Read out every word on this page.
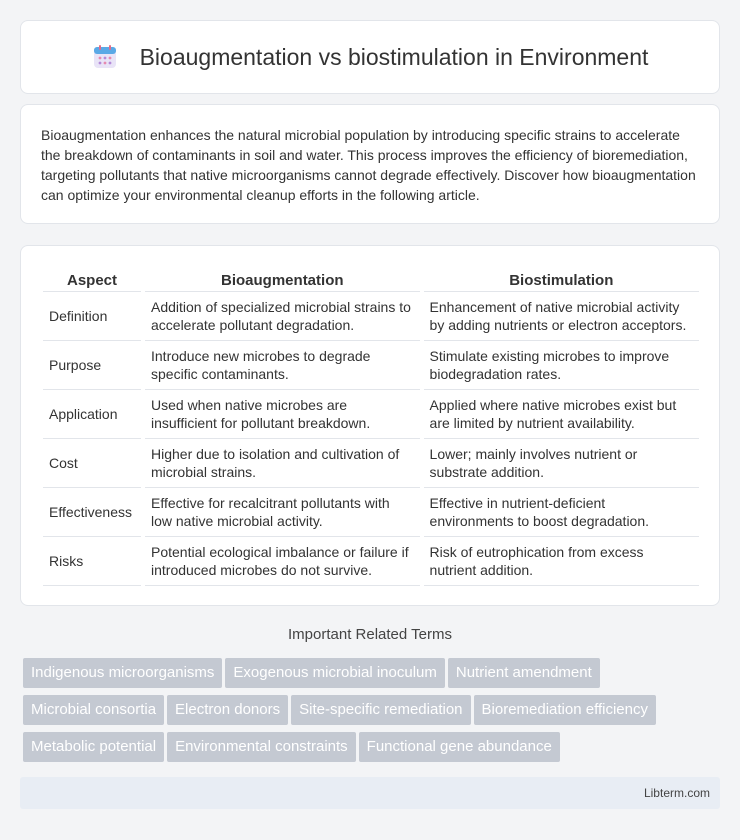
Bioaugmentation vs biostimulation in Environment

Bioaugmentation enhances the natural microbial population by introducing specific strains to accelerate the breakdown of contaminants in soil and water. This process improves the efficiency of bioremediation, targeting pollutants that native microorganisms cannot degrade effectively. Discover how bioaugmentation can optimize your environmental cleanup efforts in the following article.

Aspect		Bioaugmentation		Biostimulation
Definition		Addition of specialized microbial strains to accelerate pollutant degradation.		Enhancement of native microbial activity by adding nutrients or electron acceptors.
Purpose		Introduce new microbes to degrade specific contaminants.		Stimulate existing microbes to improve biodegradation rates.
Application		Used when native microbes are insufficient for pollutant breakdown.		Applied where native microbes exist but are limited by nutrient availability.
Cost		Higher due to isolation and cultivation of microbial strains.		Lower; mainly involves nutrient or substrate addition.
Effectiveness		Effective for recalcitrant pollutants with low native microbial activity.		Effective in nutrient-deficient environments to boost degradation.
Risks		Potential ecological imbalance or failure if introduced microbes do not survive.		Risk of eutrophication from excess nutrient addition.
Important Related Terms
Indigenous microorganisms Exogenous microbial inoculum Nutrient amendment
Microbial consortia Electron donors Site-specific remediation Bioremediation efficiency
Metabolic potential Environmental constraints Functional gene abundance
Libterm.com
